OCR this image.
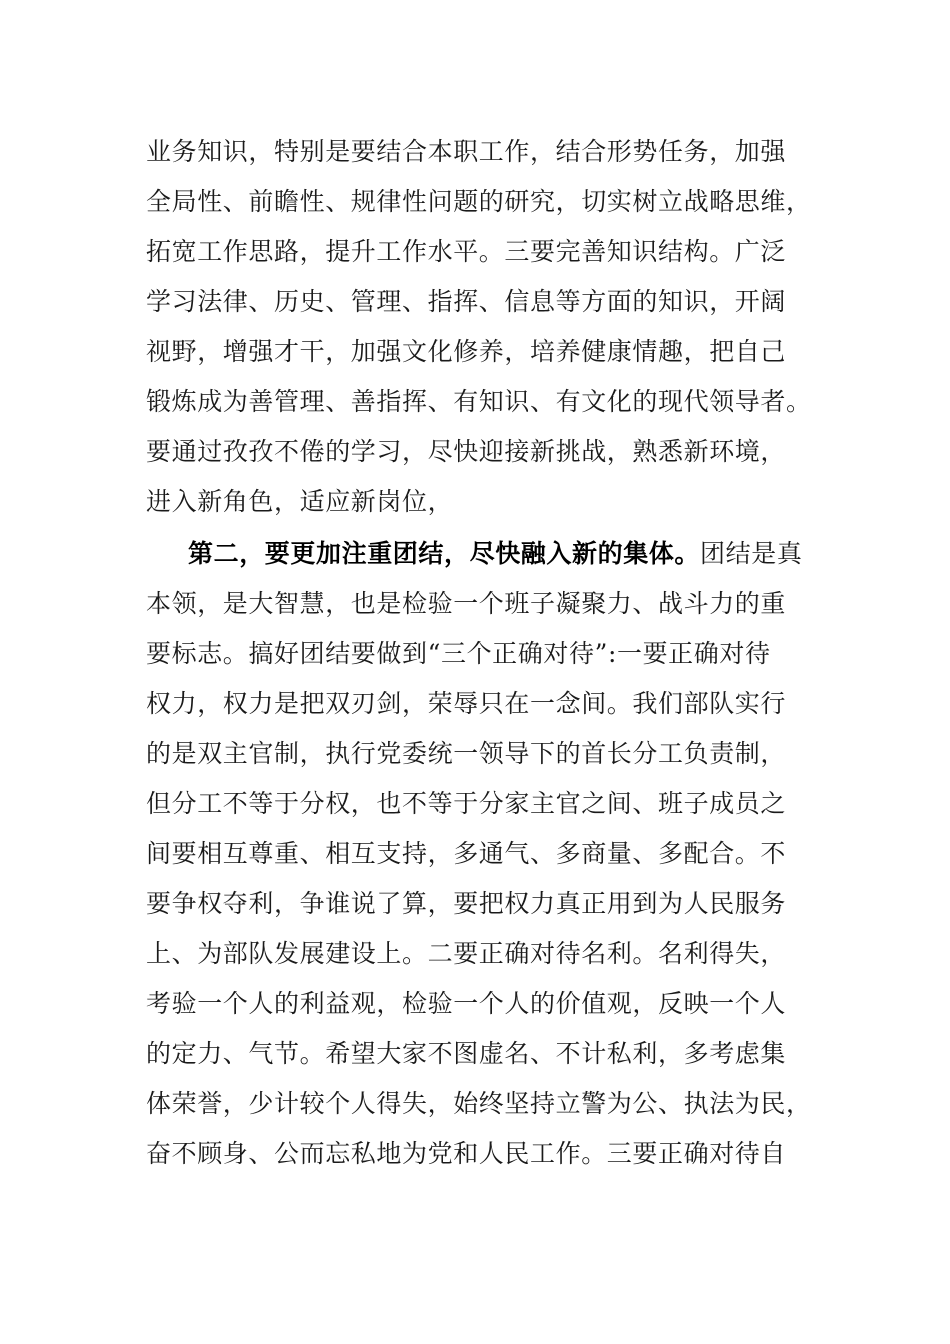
业务知识，特别是要结合本职工作，结合形势任务，加强
全局性、前瞻性、规律性问题的研究，切实树立战略思维，
拓宽工作思路，提升工作水平。三要完善知识结构。广泛
学习法律、历史、管理、指挥、信息等方面的知识，开阔
视野，增强才干，加强文化修养，培养健康情趣，把自己
锻炼成为善管理、善指挥、有知识、有文化的现代领导者。
要通过孜孜不倦的学习，尽快迎接新挑战，熟悉新环境，
进入新角色，适应新岗位，
第二，要更加注重团结，尽快融入新的集体。团结是真
本领，是大智慧，也是检验一个班子凝聚力、战斗力的重
要标志。搞好团结要做到“三个正确对待”:一要正确对待
权力，权力是把双刃剑，荣辱只在一念间。我们部队实行
的是双主官制，执行党委统一领导下的首长分工负责制，
但分工不等于分权，也不等于分家主官之间、班子成员之
间要相互尊重、相互支持，多通气、多商量、多配合。不
要争权夺利，争谁说了算，要把权力真正用到为人民服务
上、为部队发展建设上。二要正确对待名利。名利得失，
考验一个人的利益观，检验一个人的价值观，反映一个人
的定力、气节。希望大家不图虚名、不计私利，多考虑集
体荣誉，少计较个人得失，始终坚持立警为公、执法为民，
奋不顾身、公而忘私地为党和人民工作。三要正确对待自
